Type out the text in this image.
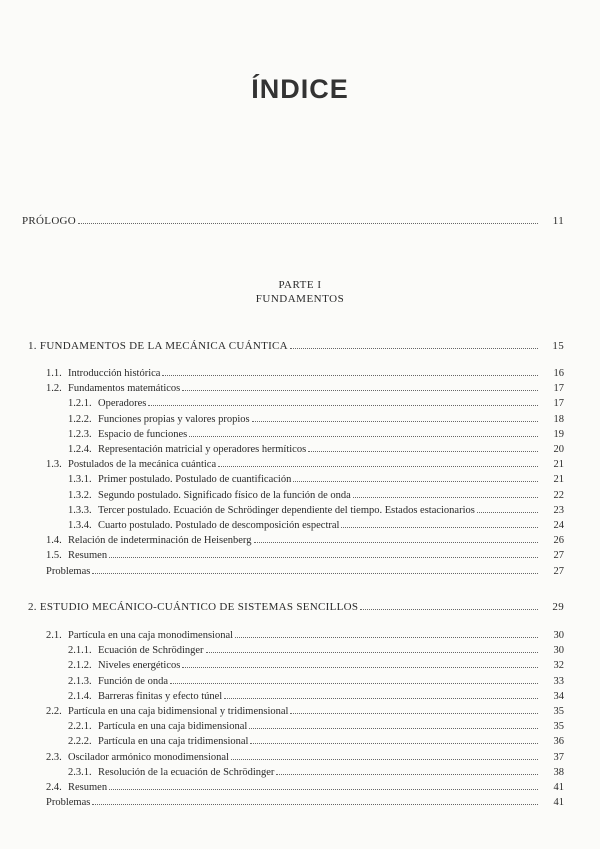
ÍNDICE
PRÓLOGO	11
PARTE I
FUNDAMENTOS
1. FUNDAMENTOS DE LA MECÁNICA CUÁNTICA	15
1.1. Introducción histórica	16
1.2. Fundamentos matemáticos	17
1.2.1. Operadores	17
1.2.2. Funciones propias y valores propios	18
1.2.3. Espacio de funciones	19
1.2.4. Representación matricial y operadores hermíticos	20
1.3. Postulados de la mecánica cuántica	21
1.3.1. Primer postulado. Postulado de cuantificación	21
1.3.2. Segundo postulado. Significado físico de la función de onda	22
1.3.3. Tercer postulado. Ecuación de Schrödinger dependiente del tiempo. Estados estacionarios	23
1.3.4. Cuarto postulado. Postulado de descomposición espectral	24
1.4. Relación de indeterminación de Heisenberg	26
1.5. Resumen	27
Problemas	27
2. ESTUDIO MECÁNICO-CUÁNTICO DE SISTEMAS SENCILLOS	29
2.1. Partícula en una caja monodimensional	30
2.1.1. Ecuación de Schrödinger	30
2.1.2. Niveles energéticos	32
2.1.3. Función de onda	33
2.1.4. Barreras finitas y efecto túnel	34
2.2. Partícula en una caja bidimensional y tridimensional	35
2.2.1. Partícula en una caja bidimensional	35
2.2.2. Partícula en una caja tridimensional	36
2.3. Oscilador armónico monodimensional	37
2.3.1. Resolución de la ecuación de Schrödinger	38
2.4. Resumen	41
Problemas	41
